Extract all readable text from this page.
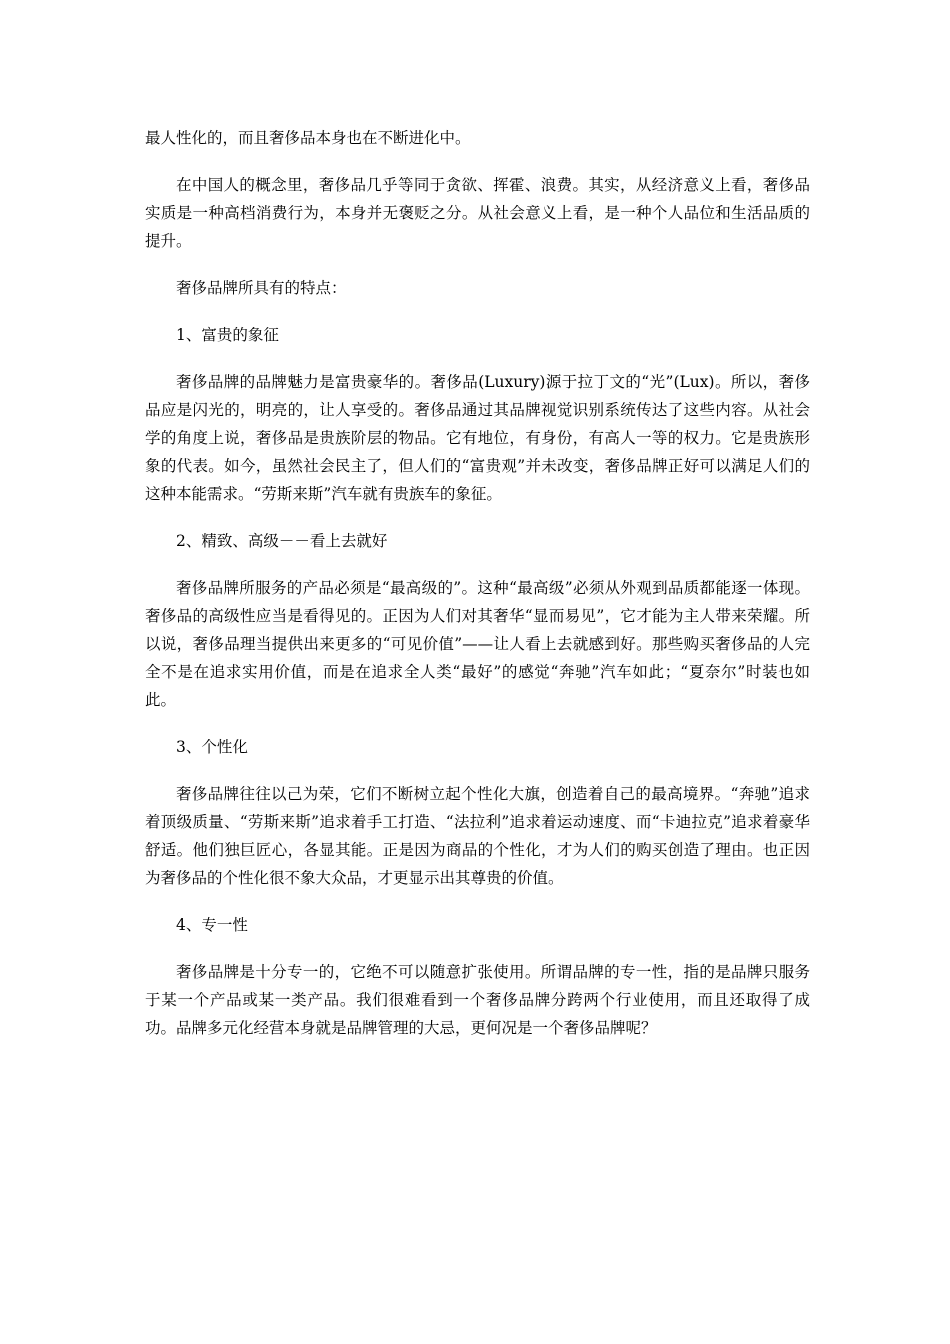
最人性化的，而且奢侈品本身也在不断进化中。

在中国人的概念里，奢侈品几乎等同于贪欲、挥霍、浪费。其实，从经济意义上看，奢侈品实质是一种高档消费行为，本身并无褒贬之分。从社会意义上看，是一种个人品位和生活品质的提升。

奢侈品牌所具有的特点：

1、富贵的象征

奢侈品牌的品牌魅力是富贵豪华的。奢侈品(Luxury)源于拉丁文的“光”(Lux)。所以，奢侈品应是闪光的，明亮的，让人享受的。奢侈品通过其品牌视觉识别系统传达了这些内容。从社会学的角度上说，奢侈品是贵族阶层的物品。它有地位，有身份，有高人一等的权力。它是贵族形象的代表。如今，虽然社会民主了，但人们的“富贵观”并未改变，奢侈品牌正好可以满足人们的这种本能需求。“劳斯来斯”汽车就有贵族车的象征。

2、精致、高级－－看上去就好

奢侈品牌所服务的产品必须是“最高级的”。这种“最高级”必须从外观到品质都能逐一体现。奢侈品的高级性应当是看得见的。正因为人们对其奢华“显而易见”，它才能为主人带来荣耀。所以说，奢侈品理当提供出来更多的“可见价值”——让人看上去就感到好。那些购买奢侈品的人完全不是在追求实用价值，而是在追求全人类“最好”的感觉“奔驰”汽车如此；“夏奈尔”时装也如此。

3、个性化

奢侈品牌往往以己为荣，它们不断树立起个性化大旗，创造着自己的最高境界。“奔驰”追求着顶级质量、“劳斯来斯”追求着手工打造、“法拉利”追求着运动速度、而“卡迪拉克”追求着豪华舒适。他们独巨匠心，各显其能。正是因为商品的个性化，才为人们的购买创造了理由。也正因为奢侈品的个性化很不象大众品，才更显示出其尊贵的价值。

4、专一性

奢侈品牌是十分专一的，它绝不可以随意扩张使用。所谓品牌的专一性，指的是品牌只服务于某一个产品或某一类产品。我们很难看到一个奢侈品牌分跨两个行业使用，而且还取得了成功。品牌多元化经营本身就是品牌管理的大忌，更何况是一个奢侈品牌呢？
